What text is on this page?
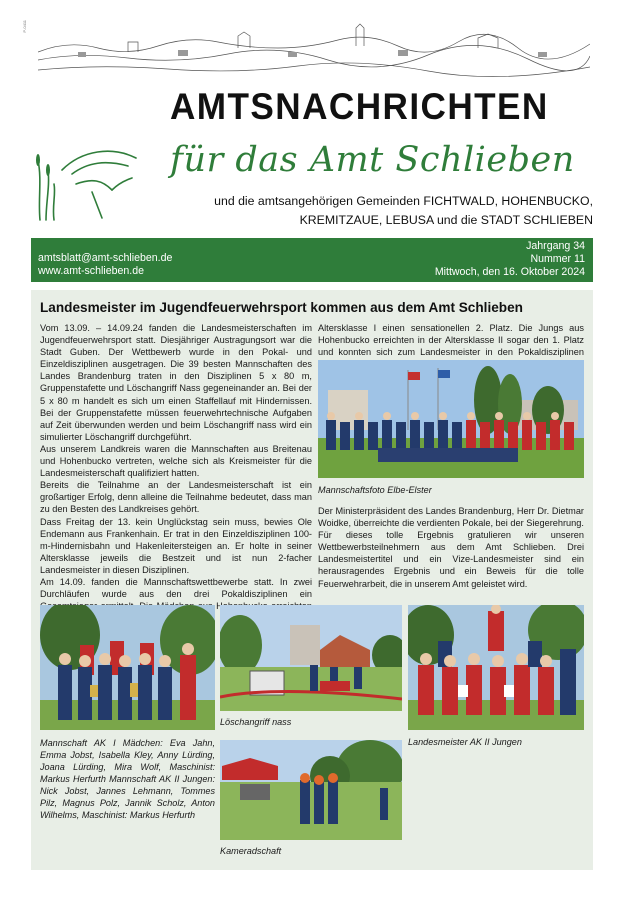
P-0411
AMTSNACHRICHTEN
für das Amt Schlieben
und die amtsangehörigen Gemeinden FICHTWALD, HOHENBUCKO,
KREMITZAUE, LEBUSA und die STADT SCHLIEBEN
amtsblatt@amt-schlieben.de
www.amt-schlieben.de
Jahrgang 34
Nummer 11
Mittwoch, den 16. Oktober 2024
Landesmeister im Jugendfeuerwehrsport kommen aus dem Amt Schlieben

Vom 13.09. – 14.09.24 fanden die Landesmeisterschaften im Jugendfeuerwehrsport statt. Diesjähriger Austragungsort war die Stadt Guben. Der Wettbewerb wurde in den Pokal- und Einzeldisziplinen ausgetragen. Die 39 besten Mannschaften des Landes Brandenburg traten in den Disziplinen 5 x 80 m, Gruppenstafette und Löschangriff Nass gegeneinander an. Bei der 5 x 80 m handelt es sich um einen Staffellauf mit Hindernissen. Bei der Gruppenstafette müssen feuerwehrtechnische Aufgaben auf Zeit überwunden werden und beim Löschangriff nass wird ein simulierter Löschangriff durchgeführt.

Aus unserem Landkreis waren die Mannschaften aus Breitenau und Hohenbucko vertreten, welche sich als Kreismeister für die Landesmeisterschaft qualifiziert hatten.

Bereits die Teilnahme an der Landesmeisterschaft ist ein großartiger Erfolg, denn alleine die Teilnahme bedeutet, dass man zu den Besten des Landkreises gehört.

Dass Freitag der 13. kein Unglückstag sein muss, bewies Ole Endemann aus Frankenhain. Er trat in den Einzeldisziplinen 100-m-Hindernisbahn und Hakenleitersteigen an. Er holte in seiner Altersklasse jeweils die Bestzeit und ist nun 2-facher Landesmeister in diesen Disziplinen.

Am 14.09. fanden die Mannschaftswettbewerbe statt. In zwei Durchläufen wurde aus den drei Pokaldisziplinen ein

Altersklasse I einen sensationellen 2. Platz. Die Jungs aus Hohenbucko erreichten in der Altersklasse II sogar den 1. Platz und konnten sich zum Landesmeister in den Pokaldisziplinen

Mannschaftsfoto Elbe-Elster

Der Ministerpräsident des Landes Brandenburg, Herr Dr. Dietmar Woidke, überreichte die verdienten Pokale, bei der Siegerehrung.

Für dieses tolle Ergebnis gratulieren wir unseren Wettbewerbsteilnehmern aus dem Amt Schlieben. Drei Landesmeistertitel und ein Vize-Landesmeister sind ein herausragendes Ergebnis und ein Beweis für die tolle Feuerwehrarbeit, die in unserem Amt geleistet wird.

Löschangriff nass
Landesmeister AK II Jungen
Mannschaft AK I Mädchen: Eva Jahn, Emma Jobst, Isabella Kley, Anny Lürding, Joana Lürding, Mira Wolf, Maschinist: Markus Herfurth Mannschaft AK II Jungen: Nick Jobst, Jannes Lehmann, Tommes Pilz, Magnus Polz, Jannik Scholz, Anton Wilhelms, Maschinist: Markus Herfurth
Kameradschaft
